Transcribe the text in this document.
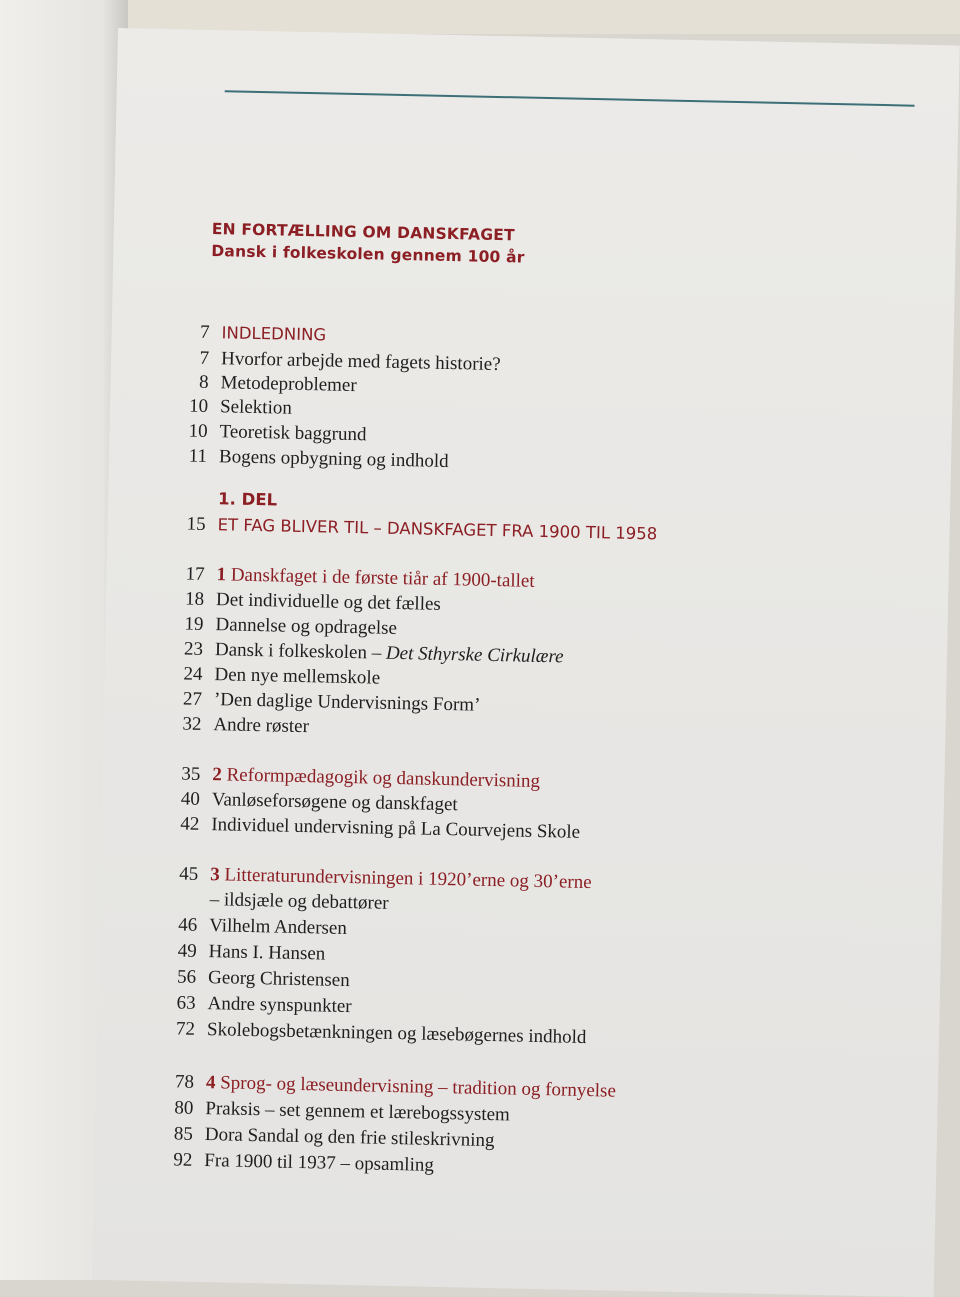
EN FORTÆLLING OM DANSKFAGET
Dansk i folkeskolen gennem 100 år
7 INDLEDNING
7 Hvorfor arbejde med fagets historie?
8 Metodeproblemer
10 Selektion
10 Teoretisk baggrund
11 Bogens opbygning og indhold
1. DEL
15 ET FAG BLIVER TIL – DANSKFAGET FRA 1900 TIL 1958
17 1 Danskfaget i de første tiår af 1900-tallet
18 Det individuelle og det fælles
19 Dannelse og opdragelse
23 Dansk i folkeskolen – Det Sthyrske Cirkulære
24 Den nye mellemskole
27 ’Den daglige Undervisnings Form’
32 Andre røster
35 2 Reformpædagogik og danskundervisning
40 Vanløseforsøgene og danskfaget
42 Individuel undervisning på La Courvejens Skole
45 3 Litteraturundervisningen i 1920’erne og 30’erne
– ildsjæle og debattører
46 Vilhelm Andersen
49 Hans I. Hansen
56 Georg Christensen
63 Andre synspunkter
72 Skolebogsbetænkningen og læsebøgernes indhold
78 4 Sprog- og læseundervisning – tradition og fornyelse
80 Praksis – set gennem et lærebogssystem
85 Dora Sandal og den frie stileskrivning
92 Fra 1900 til 1937 – opsamling
